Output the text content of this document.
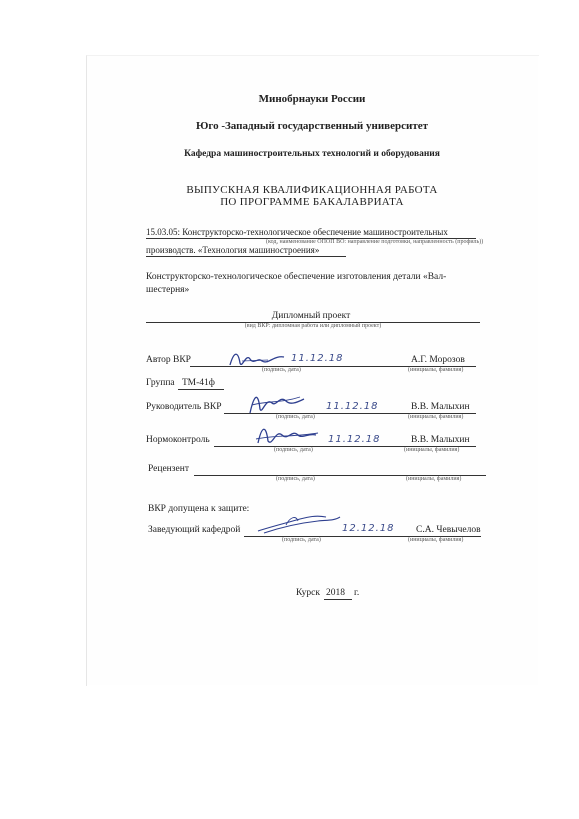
Минобрнауки России
Юго -Западный государственный университет
Кафедра машиностроительных технологий и оборудования
ВЫПУСКНАЯ КВАЛИФИКАЦИОННАЯ РАБОТА
ПО ПРОГРАММЕ БАКАЛАВРИАТА
15.03.05: Конструкторско-технологическое обеспечение машиностроительных
(код, наименование ОПОП ВО: направление подготовки, направленность (профиль))
производств. «Технология машиностроения»
Конструкторско-технологическое обеспечение изготовления детали «Вал-
шестерня»
Дипломный проект
(вид ВКР: дипломная работа или дипломный проект)
Автор ВКР	11.12.18	А.Г. Морозов
(подпись, дата)	(инициалы, фамилия)
Группа ТМ-41ф
Руководитель ВКР	11.12.18	В.В. Малыхин
(подпись, дата)	(инициалы, фамилия)
Нормоконтроль	11.12.18	В.В. Малыхин
(подпись, дата)	(инициалы, фамилия)
Рецензент
(подпись, дата)	(инициалы, фамилия)
ВКР допущена к защите:
Заведующий кафедрой	12.12.18 С.А. Чевычелов
(подпись, дата)	(инициалы, фамилия)
Курск 2018 г.
